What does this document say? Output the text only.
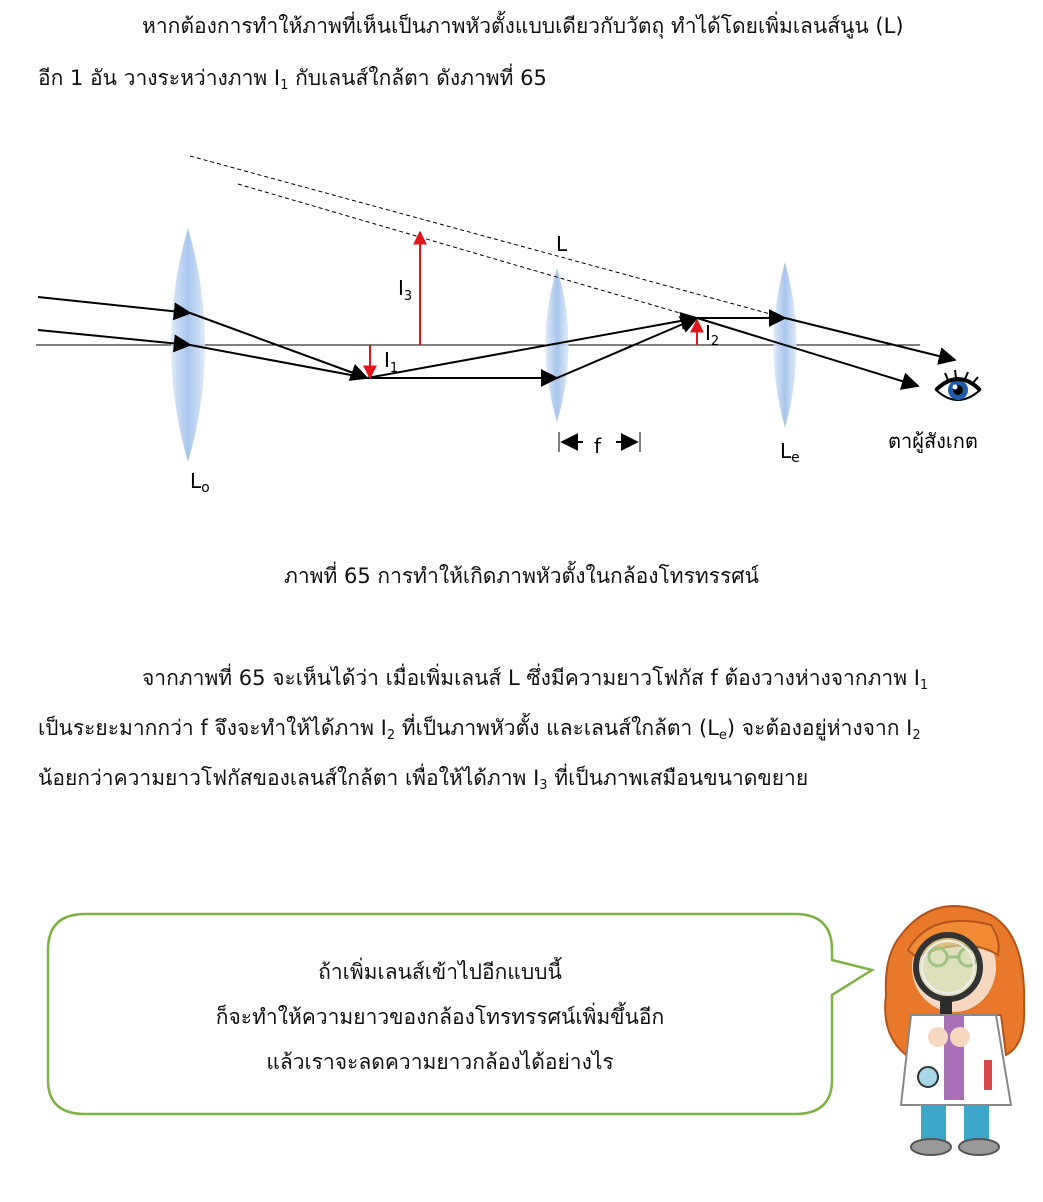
หากต้องการทำให้ภาพที่เห็นเป็นภาพหัวตั้งแบบเดียวกับวัตถุ ทำได้โดยเพิ่มเลนส์นูน (L)
อีก 1 อัน วางระหว่างภาพ $I_1$ กับเลนส์ใกล้ตา ดังภาพที่ 65
L
$I_3$
$I_1$
$I_2$
f
$L_o$
$L_e$
ตาผู้สังเกต
ภาพที่ 65 การทำให้เกิดภาพหัวตั้งในกล้องโทรทรรศน์
จากภาพที่ 65 จะเห็นได้ว่า เมื่อเพิ่มเลนส์ L ซึ่งมีความยาวโฟกัส f ต้องวางห่างจากภาพ $I_1$
เป็นระยะมากกว่า f จึงจะทำให้ได้ภาพ $I_2$ ที่เป็นภาพหัวตั้ง และเลนส์ใกล้ตา $(L_e)$ จะต้องอยู่ห่างจาก $I_2$
น้อยกว่าความยาวโฟกัสของเลนส์ใกล้ตา เพื่อให้ได้ภาพ $I_3$ ที่เป็นภาพเสมือนขนาดขยาย
ถ้าเพิ่มเลนส์เข้าไปอีกแบบนี้
ก็จะทำให้ความยาวของกล้องโทรทรรศน์เพิ่มขึ้นอีก
แล้วเราจะลดความยาวกล้องได้อย่างไร
